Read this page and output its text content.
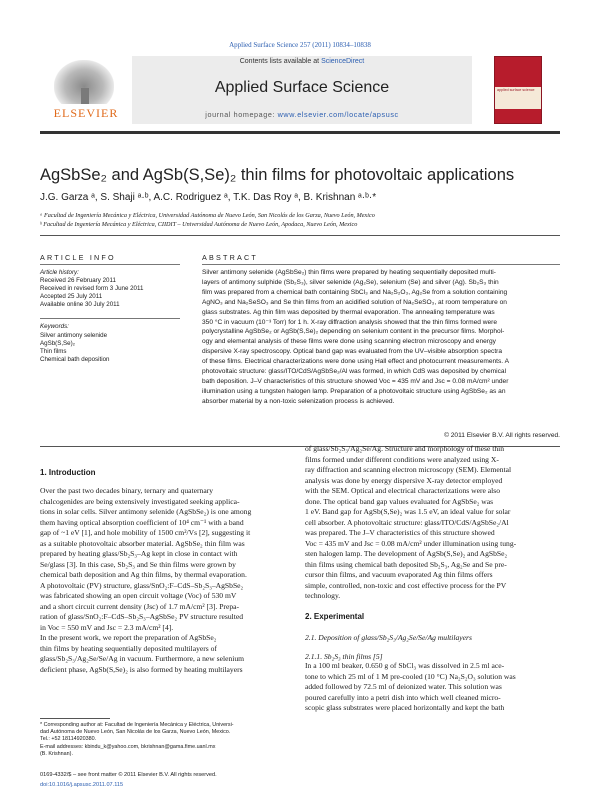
Applied Surface Science 257 (2011) 10834–10838
ELSEVIER
Contents lists available at ScienceDirect
Applied Surface Science
journal homepage: www.elsevier.com/locate/apsusc
applied surface science
AgSbSe₂ and AgSb(S,Se)₂ thin films for photovoltaic applications
J.G. Garza ᵃ, S. Shaji ᵃ·ᵇ, A.C. Rodriguez ᵃ, T.K. Das Roy ᵃ, B. Krishnan ᵃ·ᵇ·*
ᵃ Facultad de Ingeniería Mecánica y Eléctrica, Universidad Autónoma de Nuevo León, San Nicolás de los Garza, Nuevo León, Mexico
ᵇ Facultad de Ingeniería Mecánica y Eléctrica, CIIDIT – Universidad Autónoma de Nuevo León, Apodaca, Nuevo León, Mexico
ARTICLE INFO
Article history:
Received 26 February 2011
Received in revised form 3 June 2011
Accepted 25 July 2011
Available online 30 July 2011
Keywords:
Silver antimony selenide
AgSb(S,Se)₂
Thin films
Chemical bath deposition
ABSTRACT
Silver antimony selenide (AgSbSe₂) thin films were prepared by heating sequentially deposited multi-
layers of antimony sulphide (Sb₂S₃), silver selenide (Ag₂Se), selenium (Se) and silver (Ag). Sb₂S₃ thin
film was prepared from a chemical bath containing SbCl₃ and Na₂S₂O₃, Ag₂Se from a solution containing
AgNO₃ and Na₂SeSO₃ and Se thin films from an acidified solution of Na₂SeSO₃, at room temperature on
glass substrates. Ag thin film was deposited by thermal evaporation. The annealing temperature was
350 °C in vacuum (10⁻³ Torr) for 1 h. X-ray diffraction analysis showed that the thin films formed were
polycrystalline AgSbSe₂ or AgSb(S,Se)₂ depending on selenium content in the precursor films. Morphol-
ogy and elemental analysis of these films were done using scanning electron microscopy and energy
dispersive X-ray spectroscopy. Optical band gap was evaluated from the UV–visible absorption spectra
of these films. Electrical characterizations were done using Hall effect and photocurrent measurements. A
photovoltaic structure: glass/ITO/CdS/AgSbSe₂/Al was formed, in which CdS was deposited by chemical
bath deposition. J–V characteristics of this structure showed Voc = 435 mV and Jsc = 0.08 mA/cm² under
illumination using a tungsten halogen lamp. Preparation of a photovoltaic structure using AgSbSe₂ as an
absorber material by a non-toxic selenization process is achieved.
© 2011 Elsevier B.V. All rights reserved.
1. Introduction
Over the past two decades binary, ternary and quaternary
chalcogenides are being extensively investigated seeking applica-
tions in solar cells. Silver antimony selenide (AgSbSe₂) is one among
them having optical absorption coefficient of 10⁴ cm⁻¹ with a band
gap of ~1 eV [1], and hole mobility of 1500 cm²/Vs [2], suggesting it
as a suitable photovoltaic absorber material. AgSbSe₂ thin film was
prepared by heating glass/Sb₂S₃–Ag kept in close in contact with
Se/glass [3]. In this case, Sb₂S₃ and Se thin films were grown by
chemical bath deposition and Ag thin films, by thermal evaporation.
A photovoltaic (PV) structure, glass/SnO₂:F–CdS–Sb₂S₃–AgSbSe₂
was fabricated showing an open circuit voltage (Voc) of 530 mV
and a short circuit current density (Jsc) of 1.7 mA/cm² [3]. Prepa-
ration of glass/SnO₂:F–CdS–Sb₂S₃–AgSbSe₂ PV structure resulted
in Voc = 550 mV and Jsc = 2.3 mA/cm² [4].
In the present work, we report the preparation of AgSbSe₂
thin films by heating sequentially deposited multilayers of
glass/Sb₂S₃/Ag₂Se/Se/Ag in vacuum. Furthermore, a new selenium
deficient phase, AgSb(S,Se)₂ is also formed by heating multilayers
of glass/Sb₂S₃/Ag₂Se/Ag. Structure and morphology of these thin
films formed under different conditions were analyzed using X-
ray diffraction and scanning electron microscopy (SEM). Elemental
analysis was done by energy dispersive X-ray detector employed
with the SEM. Optical and electrical characterizations were also
done. The optical band gap values evaluated for AgSbSe₂ was
1 eV. Band gap for AgSb(S,Se)₂ was 1.5 eV, an ideal value for solar
cell absorber. A photovoltaic structure: glass/ITO/CdS/AgSbSe₂/Al
was prepared. The J–V characteristics of this structure showed
Voc = 435 mV and Jsc = 0.08 mA/cm² under illumination using tung-
sten halogen lamp. The development of AgSb(S,Se)₂ and AgSbSe₂
thin films using chemical bath deposited Sb₂S₃, Ag₂Se and Se pre-
cursor thin films, and vacuum evaporated Ag thin films offers
simple, controlled, non-toxic and cost effective process for the PV
technology.
2. Experimental
2.1. Deposition of glass/Sb₂S₃/Ag₂Se/Se/Ag multilayers
2.1.1. Sb₂S₃ thin films [5]
In a 100 ml beaker, 0.650 g of SbCl₃ was dissolved in 2.5 ml ace-
tone to which 25 ml of 1 M pre-cooled (10 °C) Na₂S₂O₃ solution was
added followed by 72.5 ml of deionized water. This solution was
poured carefully into a petri dish into which well cleaned micro-
scopic glass substrates were placed horizontally and kept the bath
* Corresponding author at: Facultad de Ingeniería Mecánica y Eléctrica, Universi-
dad Autónoma de Nuevo León, San Nicolás de los Garza, Nuevo León, Mexico.
Tel.: +52 18114920380.
E-mail addresses: kbindu_k@yahoo.com, bkrishnan@gama.fime.uanl.mx
(B. Krishnan).
0169-4332/$ – see front matter © 2011 Elsevier B.V. All rights reserved.
doi:10.1016/j.apsusc.2011.07.115
